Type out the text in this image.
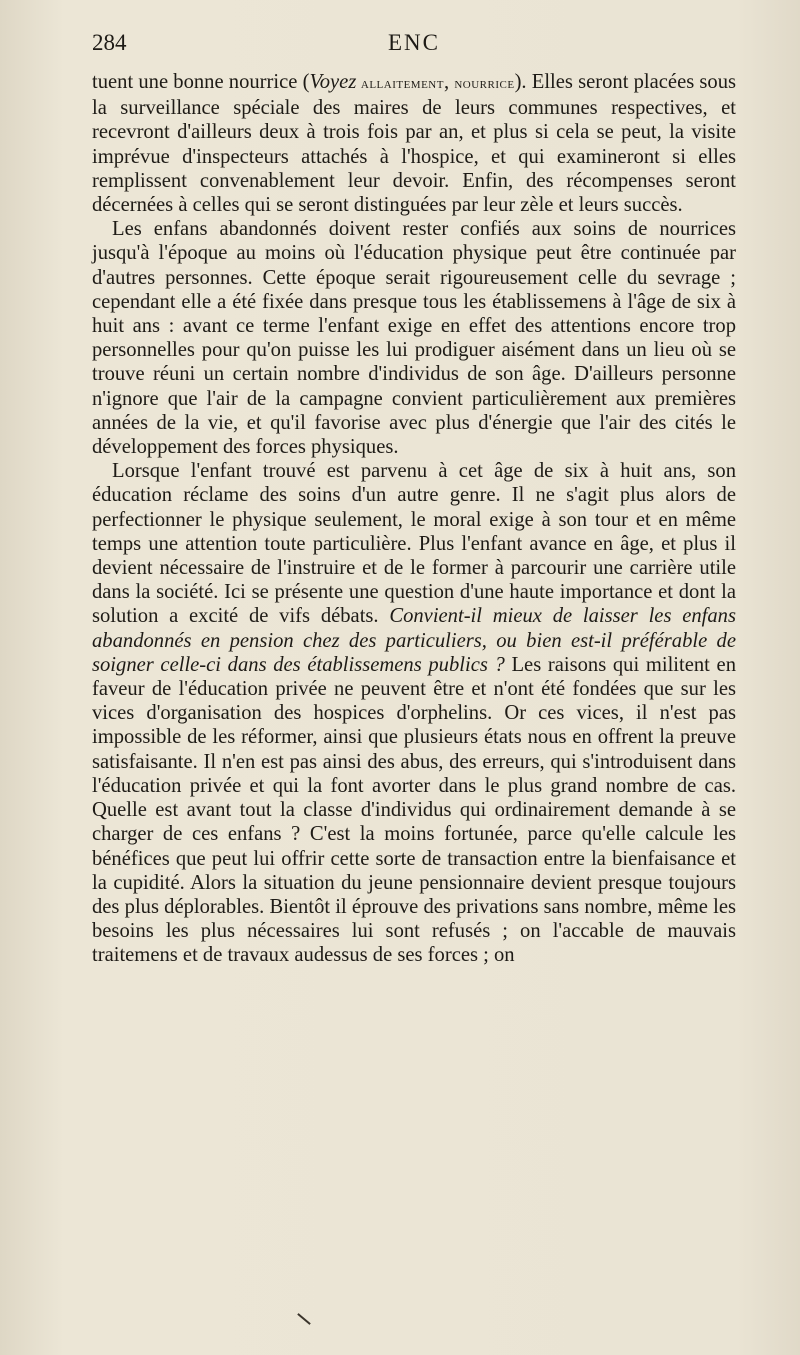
284	ENC

tuent une bonne nourrice (Voyez allaitement, nourrice). Elles seront placées sous la surveillance spéciale des maires de leurs communes respectives, et recevront d'ailleurs deux à trois fois par an, et plus si cela se peut, la visite imprévue d'inspecteurs attachés à l'hospice, et qui examineront si elles remplissent convenablement leur devoir. Enfin, des récompenses seront décernées à celles qui se seront distinguées par leur zèle et leurs succès.

Les enfans abandonnés doivent rester confiés aux soins de nourrices jusqu'à l'époque au moins où l'éducation physique peut être continuée par d'autres personnes. Cette époque serait rigoureusement celle du sevrage ; cependant elle a été fixée dans presque tous les établissemens à l'âge de six à huit ans : avant ce terme l'enfant exige en effet des attentions encore trop personnelles pour qu'on puisse les lui prodiguer aisément dans un lieu où se trouve réuni un certain nombre d'individus de son âge. D'ailleurs personne n'ignore que l'air de la campagne convient particulièrement aux premières années de la vie, et qu'il favorise avec plus d'énergie que l'air des cités le développement des forces physiques.

Lorsque l'enfant trouvé est parvenu à cet âge de six à huit ans, son éducation réclame des soins d'un autre genre. Il ne s'agit plus alors de perfectionner le physique seulement, le moral exige à son tour et en même temps une attention toute particulière. Plus l'enfant avance en âge, et plus il devient nécessaire de l'instruire et de le former à parcourir une carrière utile dans la société. Ici se présente une question d'une haute importance et dont la solution a excité de vifs débats. Convient-il mieux de laisser les enfans abandonnés en pension chez des particuliers, ou bien est-il préférable de soigner celle-ci dans des établissemens publics ? Les raisons qui militent en faveur de l'éducation privée ne peuvent être et n'ont été fondées que sur les vices d'organisation des hospices d'orphelins. Or ces vices, il n'est pas impossible de les réformer, ainsi que plusieurs états nous en offrent la preuve satisfaisante. Il n'en est pas ainsi des abus, des erreurs, qui s'introduisent dans l'éducation privée et qui la font avorter dans le plus grand nombre de cas. Quelle est avant tout la classe d'individus qui ordinairement demande à se charger de ces enfans ? C'est la moins fortunée, parce qu'elle calcule les bénéfices que peut lui offrir cette sorte de transaction entre la bienfaisance et la cupidité. Alors la situation du jeune pensionnaire devient presque toujours des plus déplorables. Bientôt il éprouve des privations sans nombre, même les besoins les plus nécessaires lui sont refusés ; on l'accable de mauvais traitemens et de travaux audessus de ses forces ; on
